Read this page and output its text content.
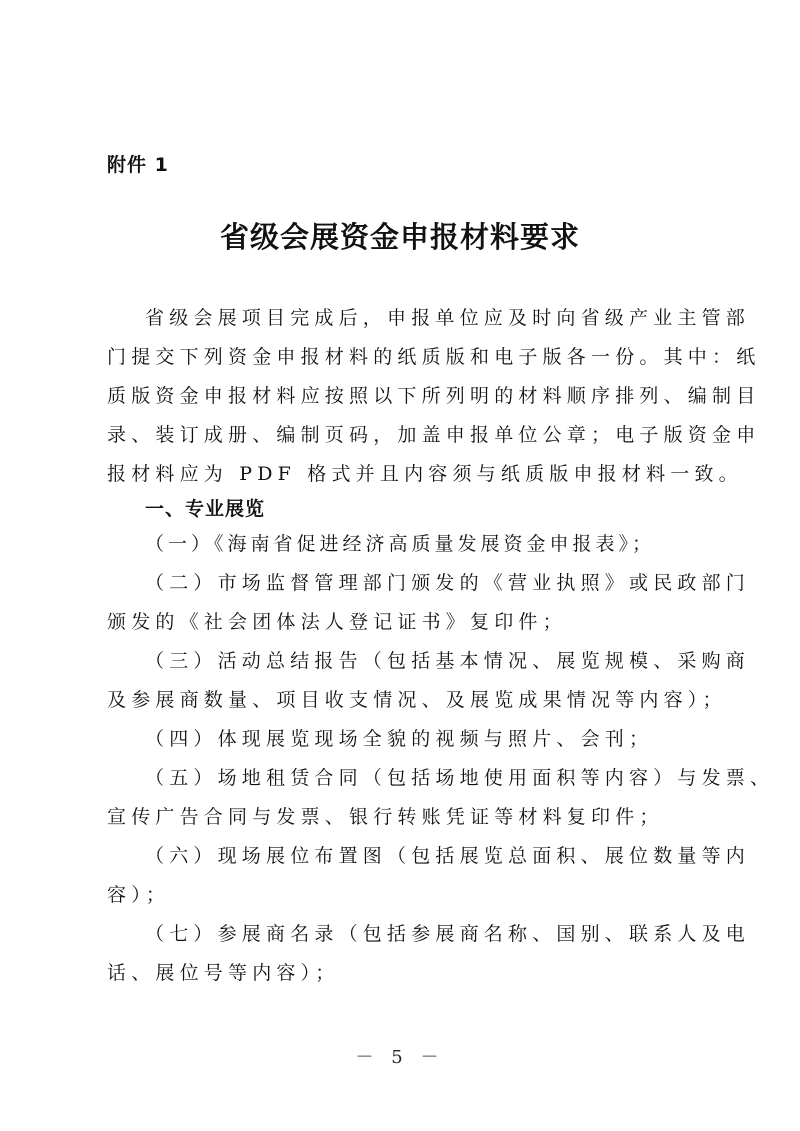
附件 1
省级会展资金申报材料要求
省级会展项目完成后，申报单位应及时向省级产业主管部
门提交下列资金申报材料的纸质版和电子版各一份。其中：纸
质版资金申报材料应按照以下所列明的材料顺序排列、编制目
录、装订成册、编制页码，加盖申报单位公章；电子版资金申
报材料应为 PDF 格式并且内容须与纸质版申报材料一致。
一、专业展览
（一）《海南省促进经济高质量发展资金申报表》；
（二）市场监督管理部门颁发的《营业执照》或民政部门
颁发的《社会团体法人登记证书》复印件；
（三）活动总结报告（包括基本情况、展览规模、采购商
及参展商数量、项目收支情况、及展览成果情况等内容）；
（四）体现展览现场全貌的视频与照片、会刊；
（五）场地租赁合同（包括场地使用面积等内容）与发票、
宣传广告合同与发票、银行转账凭证等材料复印件；
（六）现场展位布置图（包括展览总面积、展位数量等内
容）；
（七）参展商名录（包括参展商名称、国别、联系人及电
话、展位号等内容）；
－ 5 －
